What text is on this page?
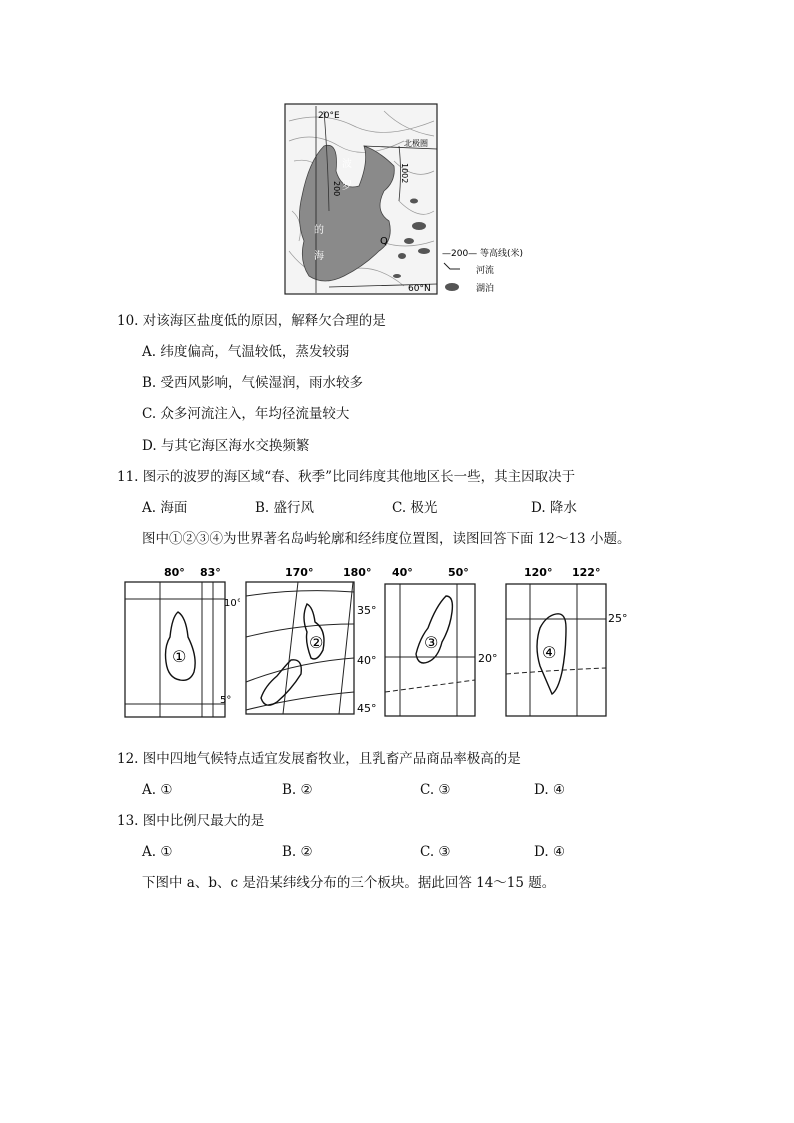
20°E
北极圈
波
罗
的
海
200
1002
Q
60°N
—200— 等高线(米)
河流
湖泊
10. 对该海区盐度低的原因，解释欠合理的是
A. 纬度偏高，气温较低，蒸发较弱
B. 受西风影响，气候湿润，雨水较多
C. 众多河流注入，年均径流量较大
D. 与其它海区海水交换频繁
11. 图示的波罗的海区域“春、秋季”比同纬度其他地区长一些，其主因取决于
A. 海面	B. 盛行风	C. 极光	D. 降水
图中①②③④为世界著名岛屿轮廓和经纬度位置图，读图回答下面 12～13 小题。
80° 83°
①
10°
5°
170°	180°
②
35°
40°
45°
40°	50°
③
20°
120° 122°
④
25°
12. 图中四地气候特点适宜发展畜牧业，且乳畜产品商品率极高的是
A. ①	B. ②	C. ③	D. ④
13. 图中比例尺最大的是
A. ①	B. ②	C. ③	D. ④
下图中 a、b、c 是沿某纬线分布的三个板块。据此回答 14～15 题。
